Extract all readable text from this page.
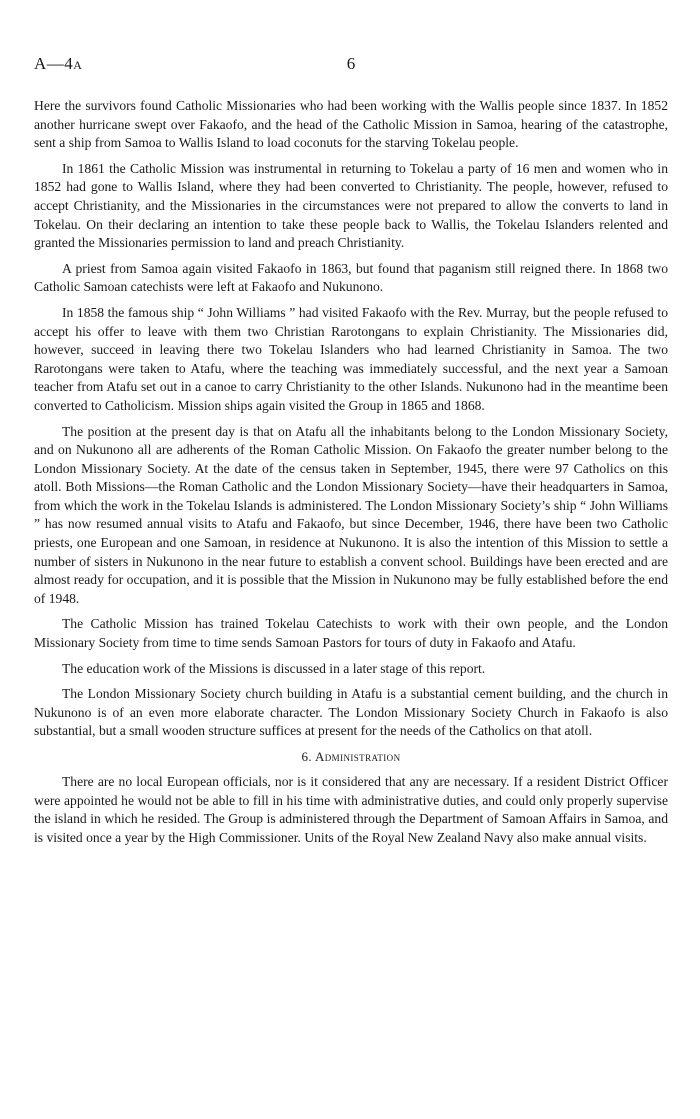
A—4A	6

Here the survivors found Catholic Missionaries who had been working with the Wallis people since 1837. In 1852 another hurricane swept over Fakaofo, and the head of the Catholic Mission in Samoa, hearing of the catastrophe, sent a ship from Samoa to Wallis Island to load coconuts for the starving Tokelau people.

In 1861 the Catholic Mission was instrumental in returning to Tokelau a party of 16 men and women who in 1852 had gone to Wallis Island, where they had been converted to Christianity. The people, however, refused to accept Christianity, and the Missionaries in the circumstances were not prepared to allow the converts to land in Tokelau. On their declaring an intention to take these people back to Wallis, the Tokelau Islanders relented and granted the Missionaries permission to land and preach Christianity.

A priest from Samoa again visited Fakaofo in 1863, but found that paganism still reigned there. In 1868 two Catholic Samoan catechists were left at Fakaofo and Nukunono.

In 1858 the famous ship “ John Williams ” had visited Fakaofo with the Rev. Murray, but the people refused to accept his offer to leave with them two Christian Rarotongans to explain Christianity. The Missionaries did, however, succeed in leaving there two Tokelau Islanders who had learned Christianity in Samoa. The two Rarotongans were taken to Atafu, where the teaching was immediately successful, and the next year a Samoan teacher from Atafu set out in a canoe to carry Christianity to the other Islands. Nukunono had in the meantime been converted to Catholicism. Mission ships again visited the Group in 1865 and 1868.

The position at the present day is that on Atafu all the inhabitants belong to the London Missionary Society, and on Nukunono all are adherents of the Roman Catholic Mission. On Fakaofo the greater number belong to the London Missionary Society. At the date of the census taken in September, 1945, there were 97 Catholics on this atoll. Both Missions—the Roman Catholic and the London Missionary Society—have their headquarters in Samoa, from which the work in the Tokelau Islands is administered. The London Missionary Society’s ship “ John Williams ” has now resumed annual visits to Atafu and Fakaofo, but since December, 1946, there have been two Catholic priests, one European and one Samoan, in residence at Nukunono. It is also the intention of this Mission to settle a number of sisters in Nukunono in the near future to establish a convent school. Buildings have been erected and are almost ready for occupation, and it is possible that the Mission in Nukunono may be fully established before the end of 1948.

The Catholic Mission has trained Tokelau Catechists to work with their own people, and the London Missionary Society from time to time sends Samoan Pastors for tours of duty in Fakaofo and Atafu.

The education work of the Missions is discussed in a later stage of this report.

The London Missionary Society church building in Atafu is a substantial cement building, and the church in Nukunono is of an even more elaborate character. The London Missionary Society Church in Fakaofo is also substantial, but a small wooden structure suffices at present for the needs of the Catholics on that atoll.

6. Administration

There are no local European officials, nor is it considered that any are necessary. If a resident District Officer were appointed he would not be able to fill in his time with administrative duties, and could only properly supervise the island in which he resided. The Group is administered through the Department of Samoan Affairs in Samoa, and is visited once a year by the High Commissioner. Units of the Royal New Zealand Navy also make annual visits.
